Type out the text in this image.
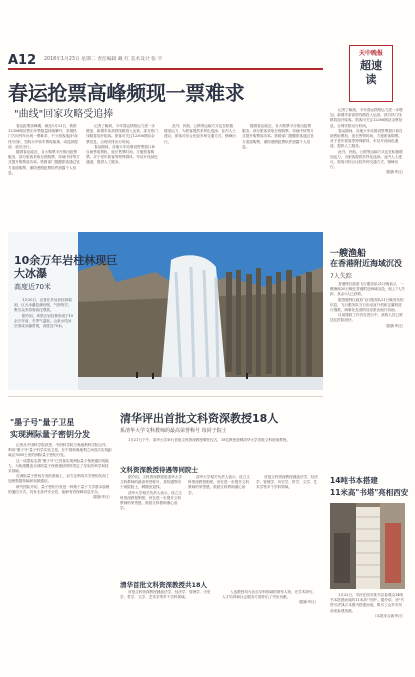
A12 2018年1月23日 星期二 责任编辑 戴 红 美术设计 张 宇
天中晚报
超速读
春运抢票高峰频现一票难求
"曲线"回家攻略受追捧

春运抢票高峰期，截至1月21日，铁路12306网站售出车票数量持续攀升，多趟热门方向列车出现一票难求，不少旅客选择"曲线"回家，先购买中转车票再换乘，或选择提前、延后出行。

随着春运临近，各大购票平台推出抢票服务，部分旅客采取分段购票、异地中转等方式提升购票成功率。铁路部门提醒旅客通过官方渠道购票，谨防虚假抢票软件泄露个人信息。

记者了解到，今年春运铁路运力进一步增加，新增多条高铁线路投入运营，部分热门线路将加开临客。旅客可关注12306网站余票信息，合理安排出行时间。

春运期间，各地火车站增设售票窗口和自助售取票机，延长售票时间，方便旅客购票。对于老年旅客等特殊群体，车站开设绿色通道，提供人工服务。

此外，民航、公路等运输方式也在积极增加运力，为旅客提供多样化选择。业内人士建议，旅客可综合比较多种交通方式，错峰出行。

随着春运临近，各大购票平台推出抢票服务，部分旅客采取分段购票、异地中转等方式提升购票成功率。铁路部门提醒旅客通过官方渠道购票，谨防虚假抢票软件泄露个人信息。

记者了解到，今年春运铁路运力进一步增加，新增多条高铁线路投入运营，部分热门线路将加开临客。旅客可关注12306网站余票信息，合理安排出行时间。

春运期间，各地火车站增设售票窗口和自助售取票机，延长售票时间，方便旅客购票。对于老年旅客等特殊群体，车站开设绿色通道，提供人工服务。

此外，民航、公路等运输方式也在积极增加运力，为旅客提供多样化选择。业内人士建议，旅客可综合比较多种交通方式，错峰出行。

（据新华社）
10余万年岩柱林现巨大冰瀑
高度近70米

1月20日，记者在多处岩柱林看到，巨大冰瀑挂满岩壁，气势恢宏，吸引众多游客前往观赏。

据介绍，该景区岩柱林形成于10余万年前，冬季气温低，山泉水结冰后形成冰瀑景观，高度近70米。

一艘渔船
在香港附近海域沉没
7人失踪

香港特区政府飞行服务队21日晚表示，一艘渔船20日晚在香港附近海域沉没，船上7人失踪，其余3人已获救。

据香港特区政府飞行服务队21日晚发布的信息，飞行服务队当日出动直升机和定翼机进行搜救，海事处及消防处亦派出船只协助。

目前搜救工作仍在进行中，获救人员已被送往医院治疗。

（据新华社）
"墨子号"量子卫星
实现洲际量子密钥分发

记者从中国科学院获悉，中国科学院与奥地利科学院合作，利用"墨子号"量子科学实验卫星，在中国和奥地利之间首次实现距离达7600公里的洲际量子密钥分发。

这一成果标志着"墨子号"已具备实现洲际量子保密通信的能力，为构建覆盖全球的量子保密通信网络奠定了坚实的科学和技术基础。

在洲际量子密钥分发的基础上，双方还利用共享密钥实现了加密数据传输和视频通信。

研究团队介绍，量子密钥分发是一种基于量子力学基本原理的通信方式，具有无条件安全性，能够有效保障信息安全。

（据新华社）
清华评出首批文科资深教授18人
系清华大学文科教师的最高荣誉称号 每同于院士

1月21日下午，清华大学举行首批文科资深教授聘任仪式，18位教授获聘清华大学首批文科资深教授。

文科资深教授待遇等同院士

据介绍，文科资深教授是清华大学文科教师的最高荣誉称号，其待遇等同于两院院士，聘期至退休。

清华大学相关负责人表示，设立文科资深教授制度，旨在进一步提升文科教师的荣誉感，鼓励文科教师潜心治学。

清华大学相关负责人表示，设立文科资深教授制度，旨在进一步提升文科教师的荣誉感，鼓励文科教师潜心治学。

首批文科资深教授涵盖法学、经济学、管理学、历史学、哲学、文学、艺术学等多个学科领域。

清华首批文科资深教授共18人

首批文科资深教授涵盖法学、经济学、管理学、历史学、哲学、文学、艺术学等多个学科领域。

入选教授均为各自学科领域的领军人物，在学术研究、人才培养和社会服务方面作出了突出贡献。

（据新华社）
14吨书本搭建
11米高"书塔"亮相西安

1月22日，市民在西安某书店参观由14吨书本搭建而成的11米高"书塔"。据介绍，该"书塔"由约4万本图书搭建而成，吸引了众多市民前来参观拍照。

（本报综合新华社）
